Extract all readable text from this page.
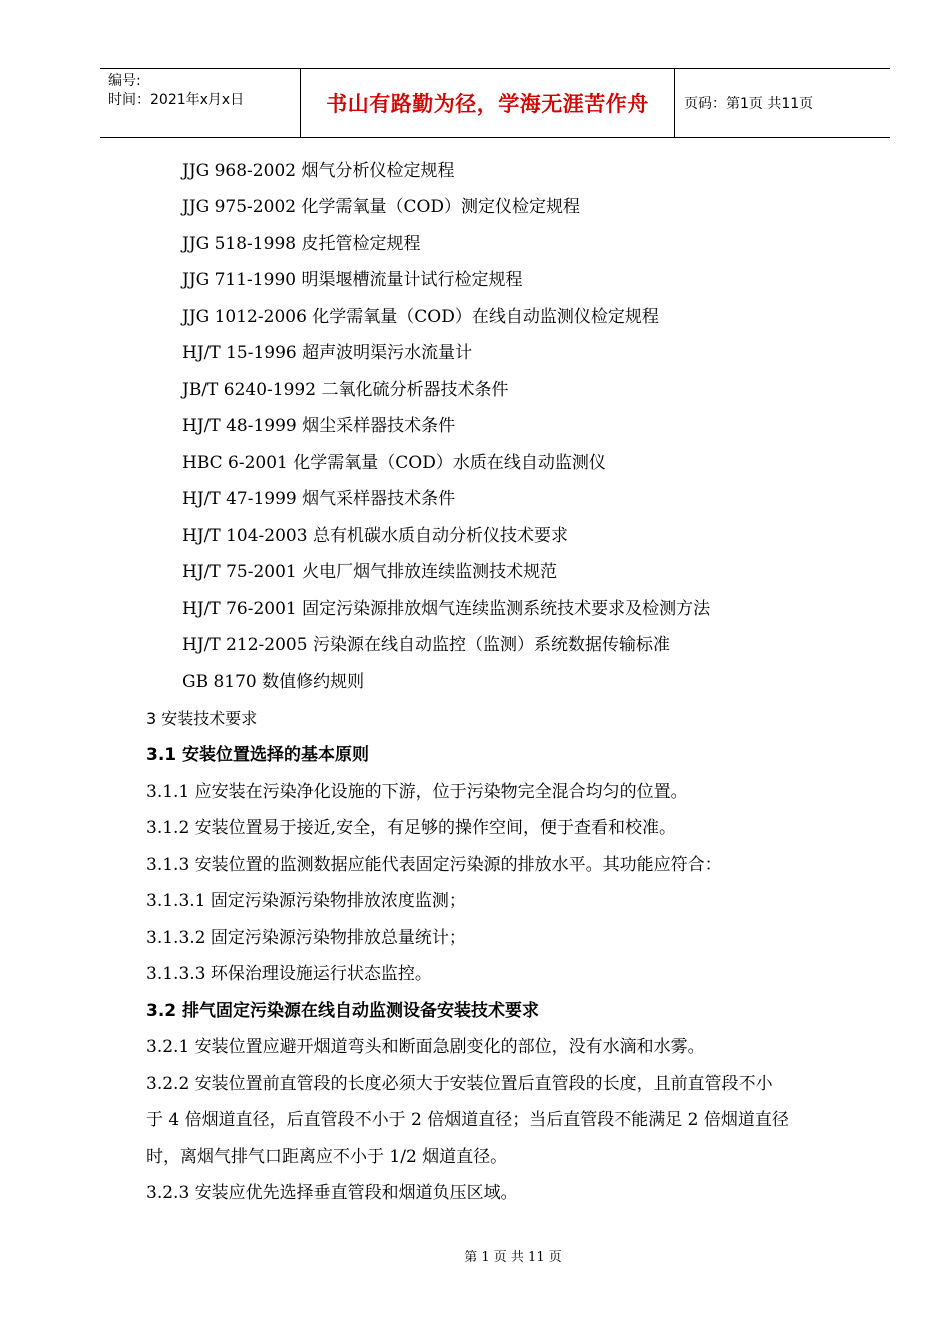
编号:
时间：2021年x月x日	书山有路勤为径，学海无涯苦作舟	页码：第1页 共11页
JJG 968-2002 烟气分析仪检定规程
JJG 975-2002 化学需氧量（COD）测定仪检定规程
JJG 518-1998 皮托管检定规程
JJG 711-1990 明渠堰槽流量计试行检定规程
JJG 1012-2006 化学需氧量（COD）在线自动监测仪检定规程
HJ/T 15-1996 超声波明渠污水流量计
JB/T 6240-1992 二氧化硫分析器技术条件
HJ/T 48-1999 烟尘采样器技术条件
HBC 6-2001 化学需氧量（COD）水质在线自动监测仪
HJ/T 47-1999 烟气采样器技术条件
HJ/T 104-2003 总有机碳水质自动分析仪技术要求
HJ/T 75-2001 火电厂烟气排放连续监测技术规范
HJ/T 76-2001 固定污染源排放烟气连续监测系统技术要求及检测方法
HJ/T 212-2005 污染源在线自动监控（监测）系统数据传输标准
GB 8170 数值修约规则
3 安装技术要求
3.1 安装位置选择的基本原则
3.1.1 应安装在污染净化设施的下游，位于污染物完全混合均匀的位置。
3.1.2 安装位置易于接近,安全，有足够的操作空间，便于查看和校准。
3.1.3 安装位置的监测数据应能代表固定污染源的排放水平。其功能应符合：
3.1.3.1 固定污染源污染物排放浓度监测；
3.1.3.2 固定污染源污染物排放总量统计；
3.1.3.3 环保治理设施运行状态监控。
3.2 排气固定污染源在线自动监测设备安装技术要求
3.2.1 安装位置应避开烟道弯头和断面急剧变化的部位，没有水滴和水雾。
3.2.2 安装位置前直管段的长度必须大于安装位置后直管段的长度，且前直管段不小
于 4 倍烟道直径，后直管段不小于 2 倍烟道直径；当后直管段不能满足 2 倍烟道直径
时，离烟气排气口距离应不小于 1/2 烟道直径。
3.2.3 安装应优先选择垂直管段和烟道负压区域。
第 1 页 共 11 页
